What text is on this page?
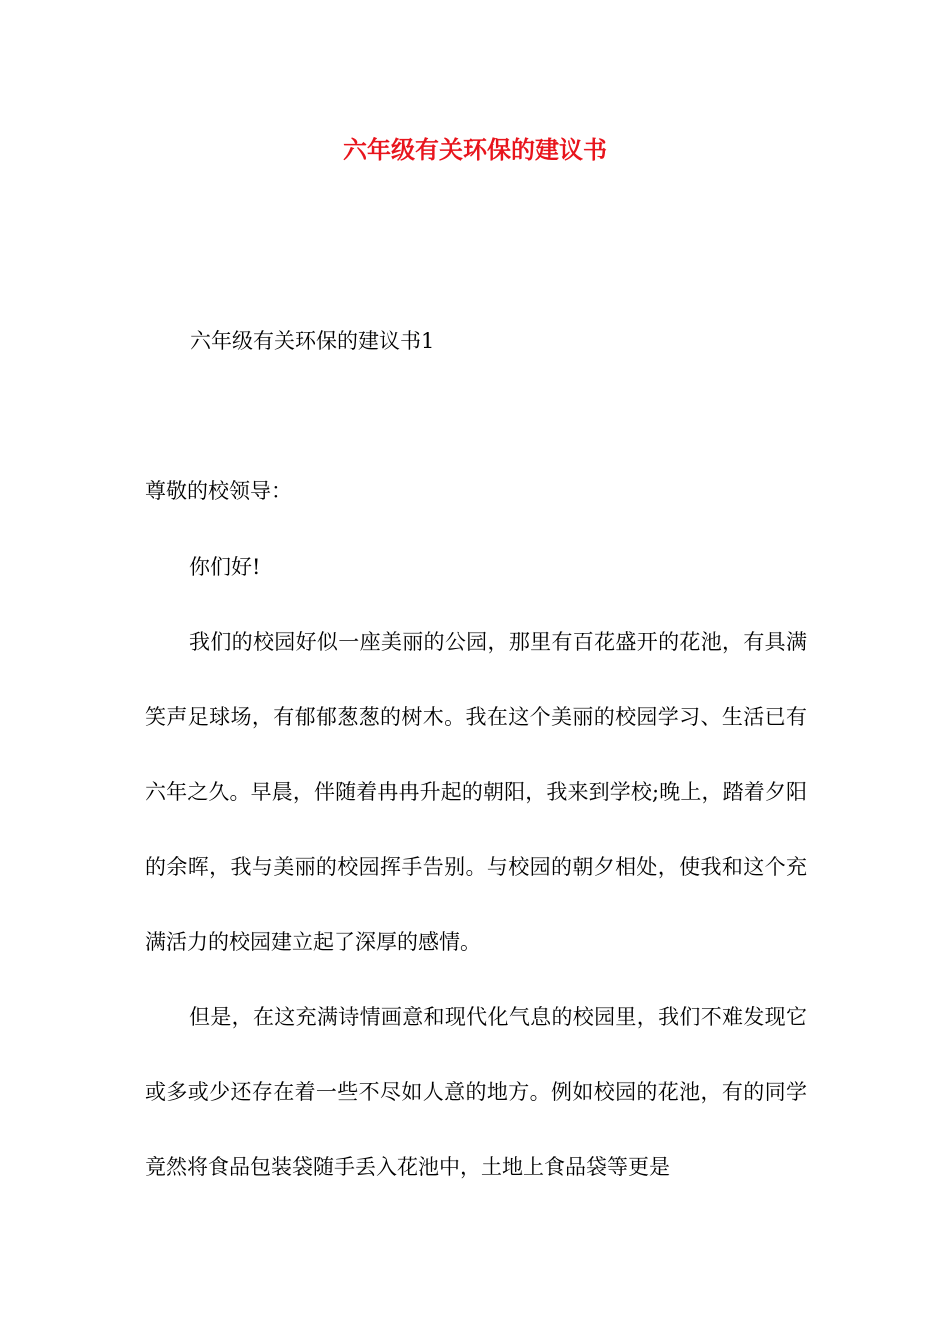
六年级有关环保的建议书
六年级有关环保的建议书1
尊敬的校领导：

你们好!

我们的校园好似一座美丽的公园，那里有百花盛开的花池，有具满笑声足球场，有郁郁葱葱的树木。我在这个美丽的校园学习、生活已有六年之久。早晨，伴随着冉冉升起的朝阳，我来到学校;晚上，踏着夕阳的余晖，我与美丽的校园挥手告别。与校园的朝夕相处，使我和这个充满活力的校园建立起了深厚的感情。

但是，在这充满诗情画意和现代化气息的校园里，我们不难发现它或多或少还存在着一些不尽如人意的地方。例如校园的花池，有的同学竟然将食品包装袋随手丢入花池中，土地上食品袋等更是
